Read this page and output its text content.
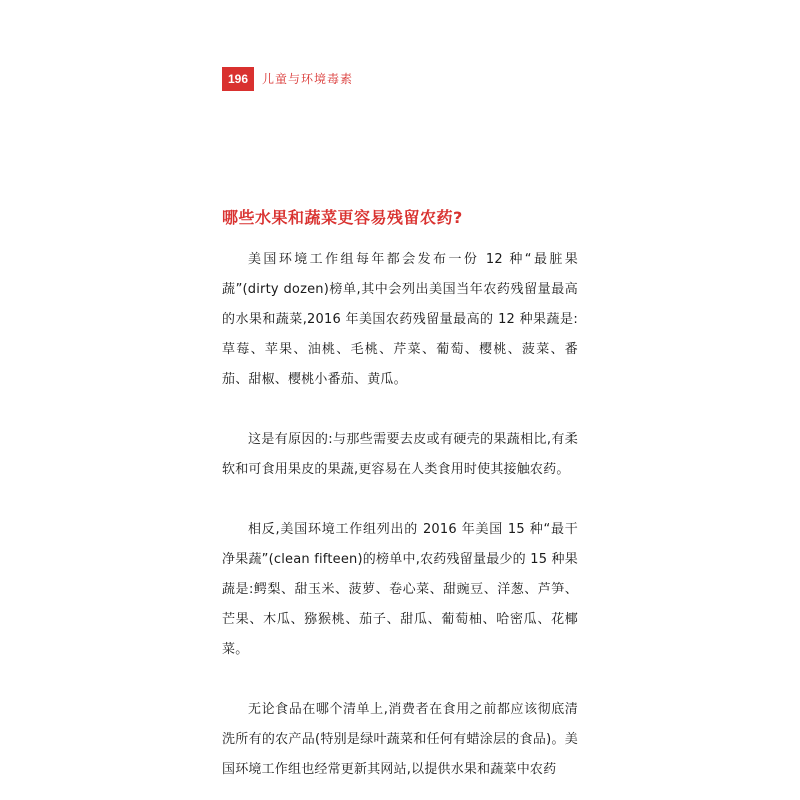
196	儿童与环境毒素
哪些水果和蔬菜更容易残留农药?

美国环境工作组每年都会发布一份 12 种“最脏果蔬”(dirty dozen)榜单,其中会列出美国当年农药残留量最高的水果和蔬菜,2016 年美国农药残留量最高的 12 种果蔬是:草莓、苹果、油桃、毛桃、芹菜、葡萄、樱桃、菠菜、番茄、甜椒、樱桃小番茄、黄瓜。

这是有原因的:与那些需要去皮或有硬壳的果蔬相比,有柔软和可食用果皮的果蔬,更容易在人类食用时使其接触农药。

相反,美国环境工作组列出的 2016 年美国 15 种“最干净果蔬”(clean fifteen)的榜单中,农药残留量最少的 15 种果蔬是:鳄梨、甜玉米、菠萝、卷心菜、甜豌豆、洋葱、芦笋、芒果、木瓜、猕猴桃、茄子、甜瓜、葡萄柚、哈密瓜、花椰菜。

无论食品在哪个清单上,消费者在食用之前都应该彻底清洗所有的农产品(特别是绿叶蔬菜和任何有蜡涂层的食品)。美国环境工作组也经常更新其网站,以提供水果和蔬菜中农药
